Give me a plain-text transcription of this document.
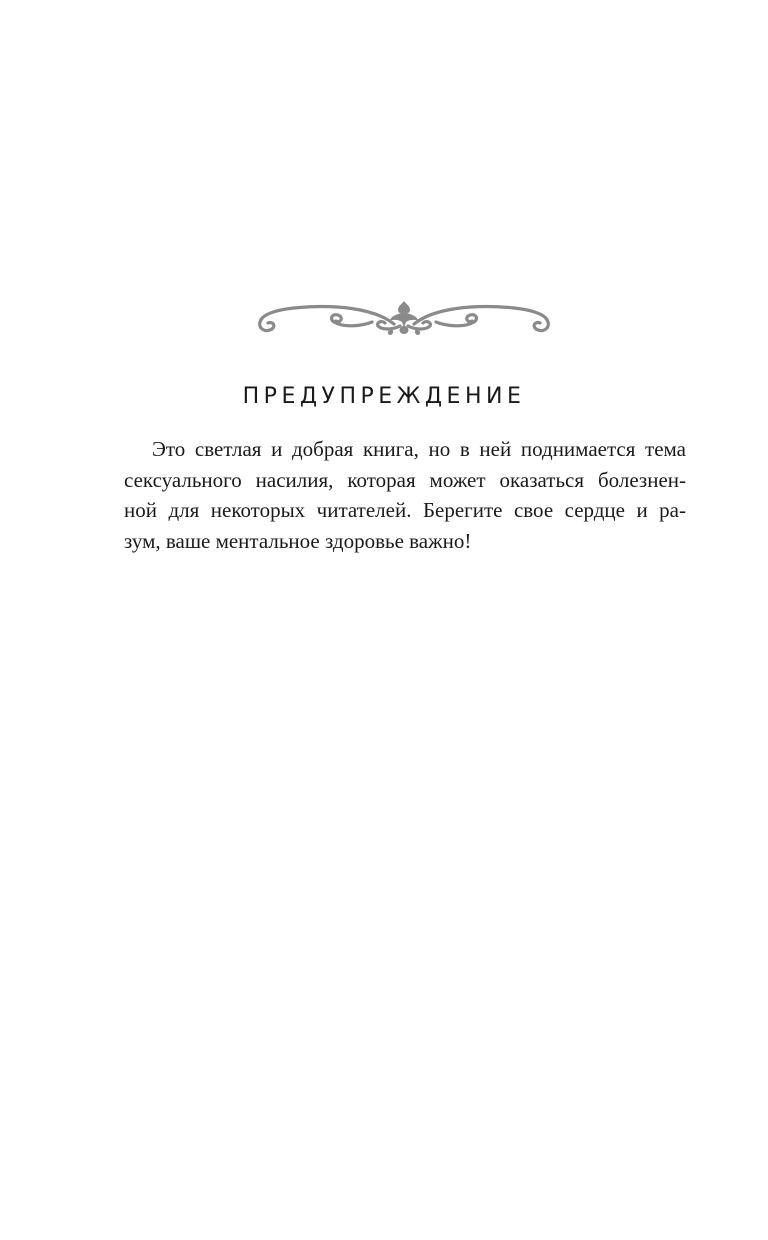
ПРЕДУПРЕЖДЕНИЕ

Это светлая и добрая книга, но в ней поднимается тема
сексуального насилия, которая может оказаться болезнен-
ной для некоторых читателей. Берегите свое сердце и ра-
зум, ваше ментальное здоровье важно!
